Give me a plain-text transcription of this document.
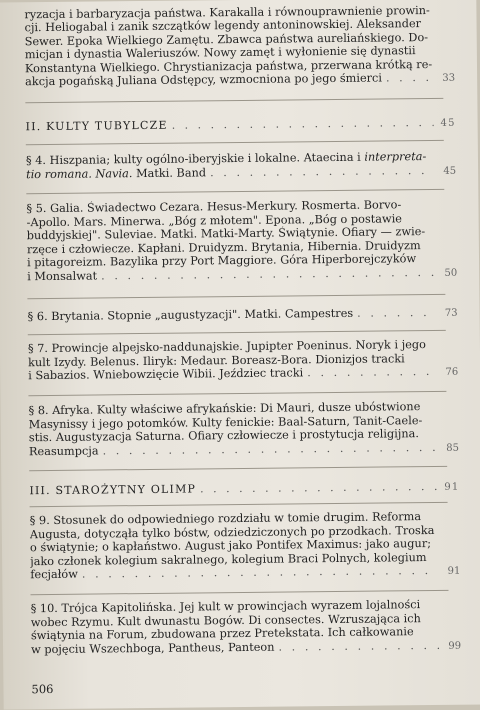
ryzacja i barbaryzacja państwa. Karakalla i równouprawnienie prowin-
cji. Heliogabal i zanik szczątków legendy antoninowskiej. Aleksander
Sewer. Epoka Wielkiego Zamętu. Zbawca państwa aureliańskiego. Do-
micjan i dynastia Waleriuszów. Nowy zamęt i wyłonienie się dynastii
Konstantyna Wielkiego. Chrystianizacja państwa, przerwana krótką re-
akcja pogańską Juliana Odstępcy, wzmocniona po jego śmierci . . .	33
II. KULTY TUBYLCZE . . .	45
§ 4. Hiszpania; kulty ogólno-iberyjskie i lokalne. Ataecina i interpreta-
tio romana. Navia. Matki. Band . . .	45
§ 5. Galia. Świadectwo Cezara. Hesus-Merkury. Rosmerta. Borvo-
-Apollo. Mars. Minerwa. „Bóg z młotem". Epona. „Bóg o postawie
buddyjskiej". Suleviae. Matki. Matki-Marty. Świątynie. Ofiary — zwie-
rzęce i człowiecze. Kapłani. Druidyzm. Brytania, Hibernia. Druidyzm
i pitagoreizm. Bazylika przy Port Maggiore. Góra Hiperborejczyków
i Monsalwat . . .	50
§ 6. Brytania. Stopnie „augustyzacji". Matki. Campestres . . .	73
§ 7. Prowincje alpejsko-naddunajskie. Jupipter Poeninus. Noryk i jego
kult Izydy. Belenus. Iliryk: Medaur. Boreasz-Bora. Dionizjos tracki
i Sabazios. Wniebowzięcie Wibii. Jeździec tracki . . .	76
§ 8. Afryka. Kulty właściwe afrykańskie: Di Mauri, dusze ubóstwione
Masynissy i jego potomków. Kulty fenickie: Baal-Saturn, Tanit-Caele-
stis. Augustyzacja Saturna. Ofiary człowiecze i prostytucja religijna.
Reasumpcja . . .	85
III. STAROŻYTNY OLIMP . . .	91
§ 9. Stosunek do odpowiedniego rozdziału w tomie drugim. Reforma
Augusta, dotycząła tylko bóstw, odziedziczonych po przodkach. Troska
o świątynie; o kapłaństwo. August jako Pontifex Maximus: jako augur;
jako członek kolegium sakralnego, kolegium Braci Polnych, kolegium
fecjałów . . .	91
§ 10. Trójca Kapitolińska. Jej kult w prowincjach wyrazem lojalności
wobec Rzymu. Kult dwunastu Bogów. Di consectes. Wzruszająca ich
świątynia na Forum, zbudowana przez Pretekstata. Ich całkowanie
w pojęciu Wszechboga, Pantheus, Panteon . . .	99
506
